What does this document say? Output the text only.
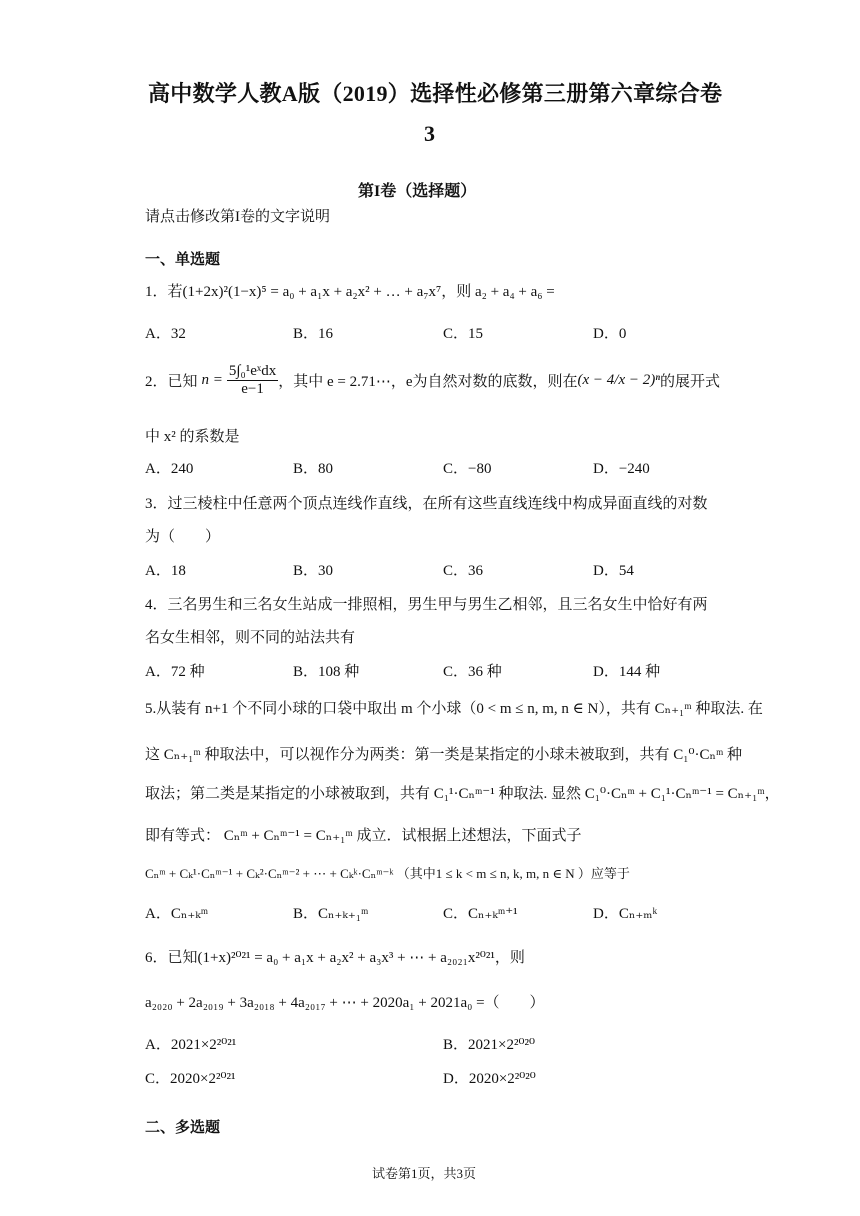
高中数学人教A版（2019）选择性必修第三册第六章综合卷
3
第I卷（选择题）
请点击修改第I卷的文字说明
一、单选题
1．若(1+2x)²(1−x)⁵ = a₀ + a₁x + a₂x² + … + a₇x⁷，则 a₂ + a₄ + a₆ =
A．32	B．16	C．15	D．0
2．已知 $n = \frac{\text{5∫₀¹eˣdx}}{e-1}$ ，其中 e = 2.71⋯，e为自然对数的底数，则在 (x − 4/x − 2)ⁿ 的展开式
中 x² 的系数是
A．240	B．80	C．−80	D．−240
3．过三棱柱中任意两个顶点连线作直线，在所有这些直线连线中构成异面直线的对数
为（　　）
A．18	B．30	C．36	D．54
4．三名男生和三名女生站成一排照相，男生甲与男生乙相邻，且三名女生中恰好有两
名女生相邻，则不同的站法共有
A．72 种	B．108 种	C．36 种	D．144 种
5.从装有 n+1 个不同小球的口袋中取出 m 个小球（0 < m ≤ n, m, n ∈ N），共有 Cₙ₊₁ᵐ 种取法. 在
这 Cₙ₊₁ᵐ 种取法中，可以视作分为两类：第一类是某指定的小球未被取到，共有 C₁⁰·Cₙᵐ 种
取法；第二类是某指定的小球被取到，共有 C₁¹·Cₙᵐ⁻¹ 种取法. 显然 C₁⁰·Cₙᵐ + C₁¹·Cₙᵐ⁻¹ = Cₙ₊₁ᵐ，
即有等式： Cₙᵐ + Cₙᵐ⁻¹ = Cₙ₊₁ᵐ 成立．试根据上述想法，下面式子
Cₙᵐ + Cₖ¹·Cₙᵐ⁻¹ + Cₖ²·Cₙᵐ⁻² + ⋯ + Cₖᵏ·Cₙᵐ⁻ᵏ （其中1 ≤ k < m ≤ n, k, m, n ∈ N ）应等于
A．Cₙ₊ₖᵐ	B．Cₙ₊ₖ₊₁ᵐ	C．Cₙ₊ₖᵐ⁺¹	D．Cₙ₊ₘᵏ
6．已知(1+x)²⁰²¹ = a₀ + a₁x + a₂x² + a₃x³ + ⋯ + a₂₀₂₁x²⁰²¹，则
a₂₀₂₀ + 2a₂₀₁₉ + 3a₂₀₁₈ + 4a₂₀₁₇ + ⋯ + 2020a₁ + 2021a₀ =（　　）
A．2021×2²⁰²¹	B．2021×2²⁰²⁰
C．2020×2²⁰²¹	D．2020×2²⁰²⁰
二、多选题
试卷第1页，共3页
